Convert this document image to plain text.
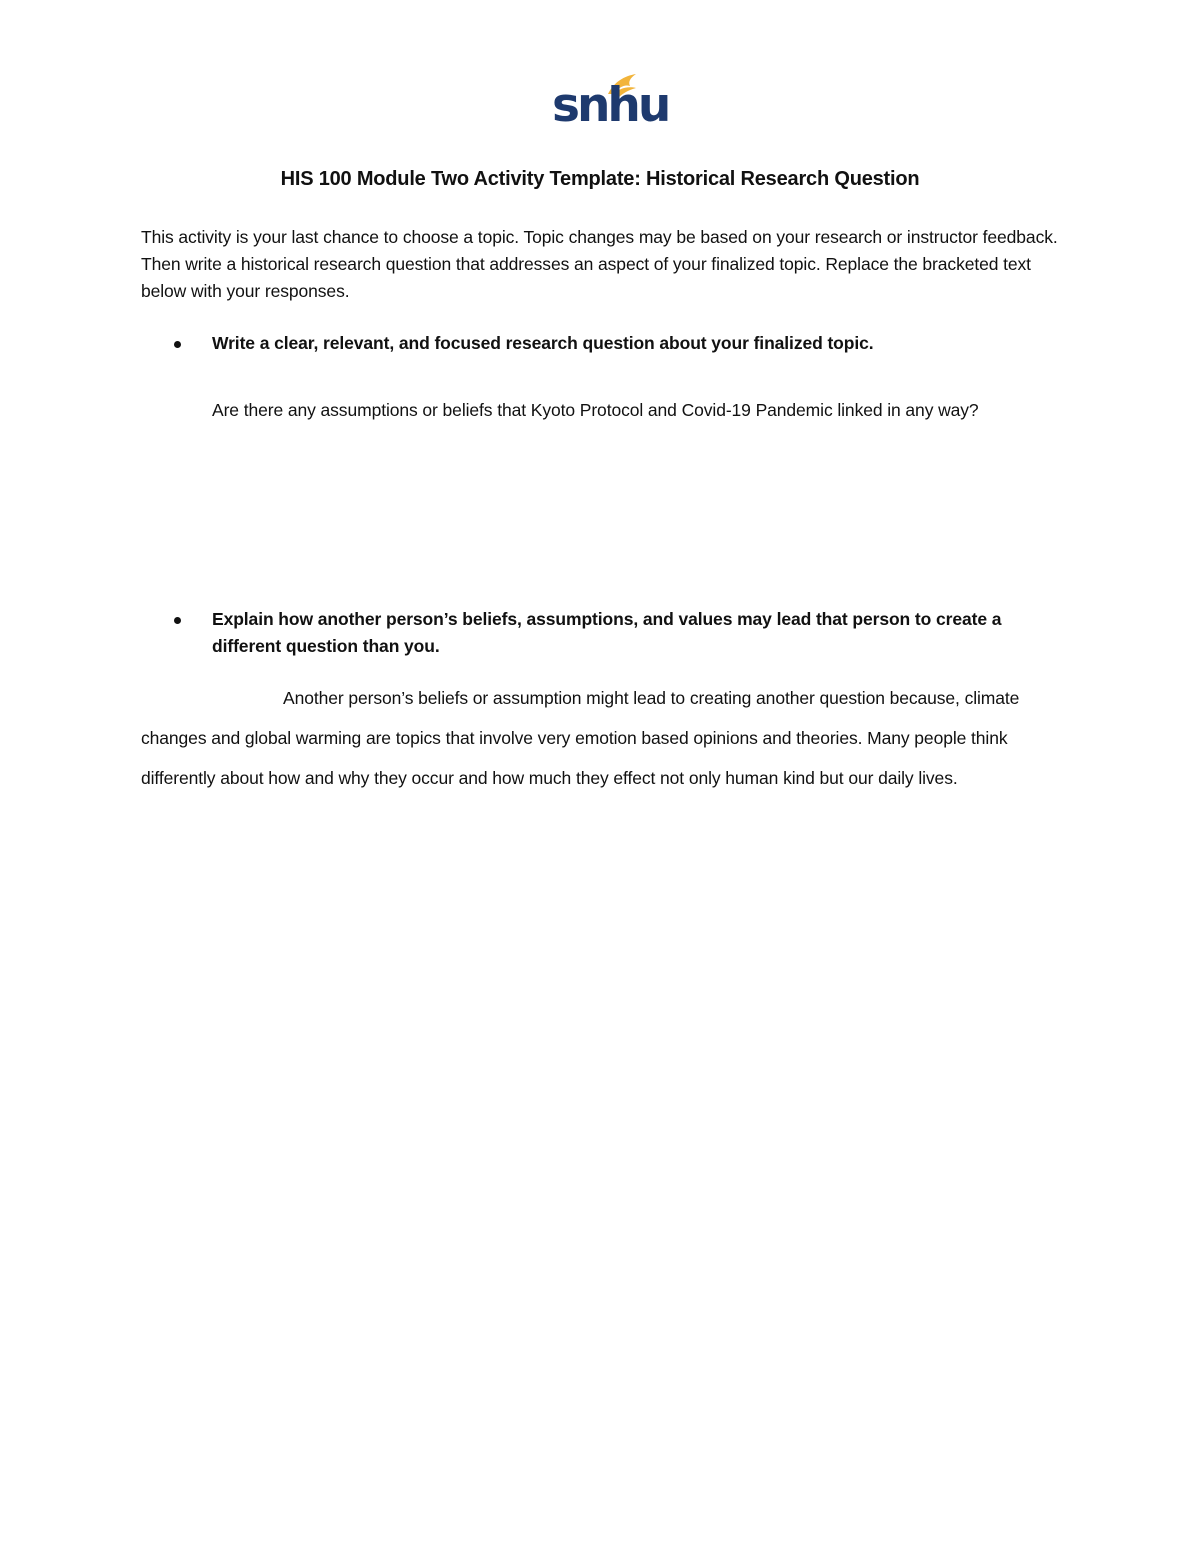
snhu
HIS 100 Module Two Activity Template: Historical Research Question
This activity is your last chance to choose a topic. Topic changes may be based on your research or instructor feedback. Then write a historical research question that addresses an aspect of your finalized topic. Replace the bracketed text below with your responses.
Write a clear, relevant, and focused research question about your finalized topic.
Are there any assumptions or beliefs that Kyoto Protocol and Covid-19 Pandemic linked in any way?
Explain how another person’s beliefs, assumptions, and values may lead that person to create a different question than you.
Another person’s beliefs or assumption might lead to creating another question because, climate changes and global warming are topics that involve very emotion based opinions and theories. Many people think differently about how and why they occur and how much they effect not only human kind but our daily lives.
